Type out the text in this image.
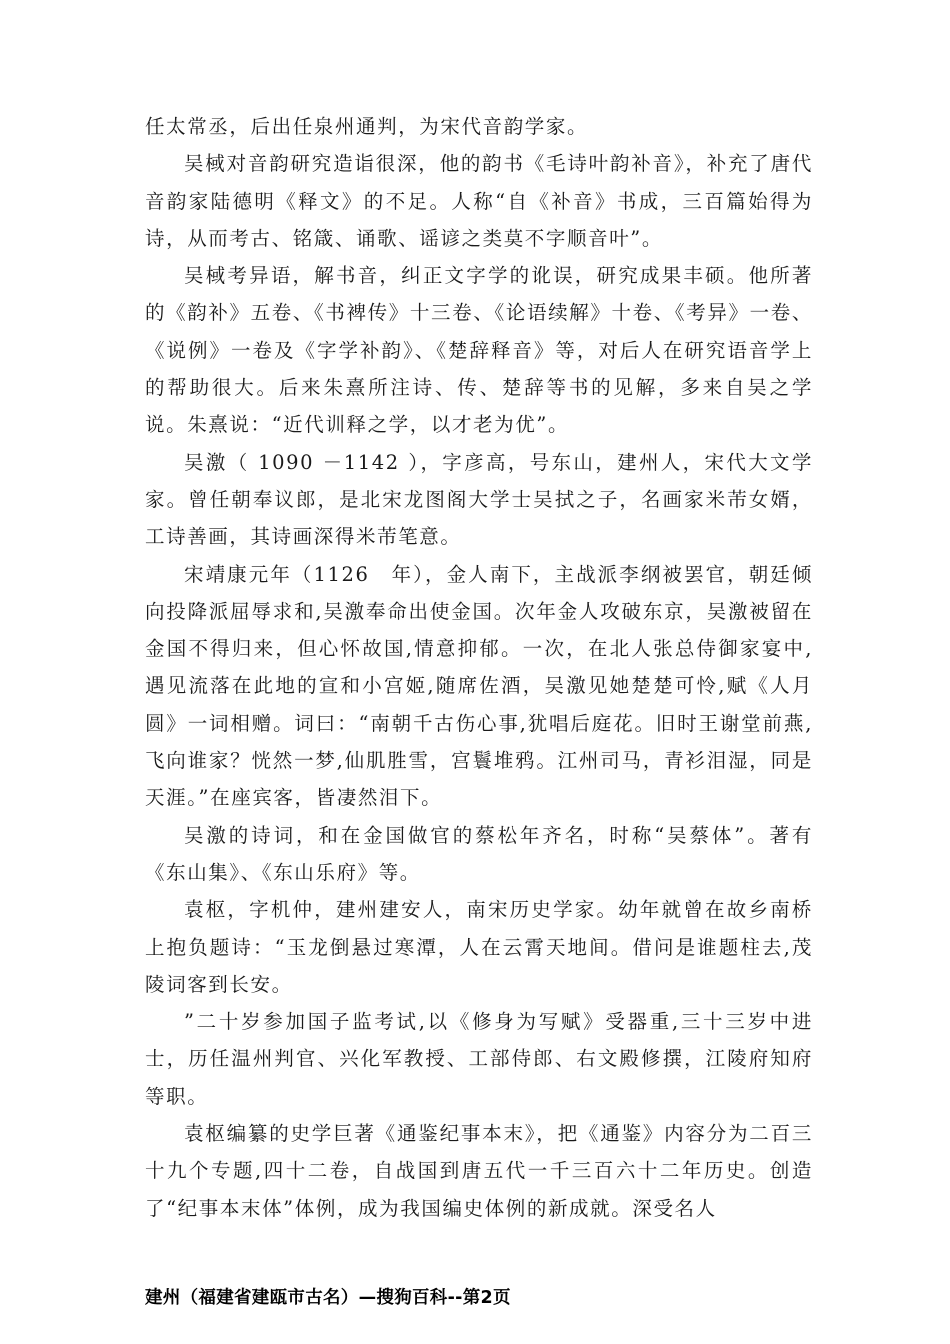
任太常丞，后出任泉州通判，为宋代音韵学家。

吴棫对音韵研究造诣很深，他的韵书《毛诗叶韵补音》，补充了唐代音韵家陆德明《释文》的不足。人称“自《补音》书成，三百篇始得为诗，从而考古、铭箴、诵歌、谣谚之类莫不字顺音叶”。

吴棫考异语，解书音，纠正文字学的讹误，研究成果丰硕。他所著的《韵补》五卷、《书裨传》十三卷、《论语续解》十卷、《考异》一卷、《说例》一卷及《字学补韵》、《楚辞释音》等，对后人在研究语音学上的帮助很大。后来朱熹所注诗、传、楚辞等书的见解，多来自吴之学说。朱熹说：“近代训释之学，以才老为优”。

吴激（ 1090 －1142 ），字彦高，号东山，建州人，宋代大文学家。曾任朝奉议郎，是北宋龙图阁大学士吴拭之子，名画家米芾女婿，工诗善画，其诗画深得米芾笔意。

宋靖康元年（1126　年），金人南下，主战派李纲被罢官，朝廷倾向投降派屈辱求和,吴激奉命出使金国。次年金人攻破东京，吴激被留在金国不得归来，但心怀故国,情意抑郁。一次，在北人张总侍御家宴中,遇见流落在此地的宣和小宫姬,随席佐酒，吴激见她楚楚可怜,赋《人月圆》一词相赠。词曰：“南朝千古伤心事,犹唱后庭花。旧时王谢堂前燕,飞向谁家？恍然一梦,仙肌胜雪，宫鬟堆鸦。江州司马，青衫泪湿，同是天涯。”在座宾客，皆凄然泪下。

吴激的诗词，和在金国做官的蔡松年齐名，时称“吴蔡体”。著有《东山集》、《东山乐府》等。

袁枢，字机仲，建州建安人，南宋历史学家。幼年就曾在故乡南桥上抱负题诗：“玉龙倒悬过寒潭，人在云霄天地间。借问是谁题柱去,茂陵词客到长安。

”二十岁参加国子监考试,以《修身为写赋》受器重,三十三岁中进士，历任温州判官、兴化军教授、工部侍郎、右文殿修撰，江陵府知府等职。

袁枢编纂的史学巨著《通鉴纪事本末》，把《通鉴》内容分为二百三十九个专题,四十二卷，自战国到唐五代一千三百六十二年历史。创造了“纪事本末体”体例，成为我国编史体例的新成就。深受名人

建州（福建省建瓯市古名）—搜狗百科--第2页
